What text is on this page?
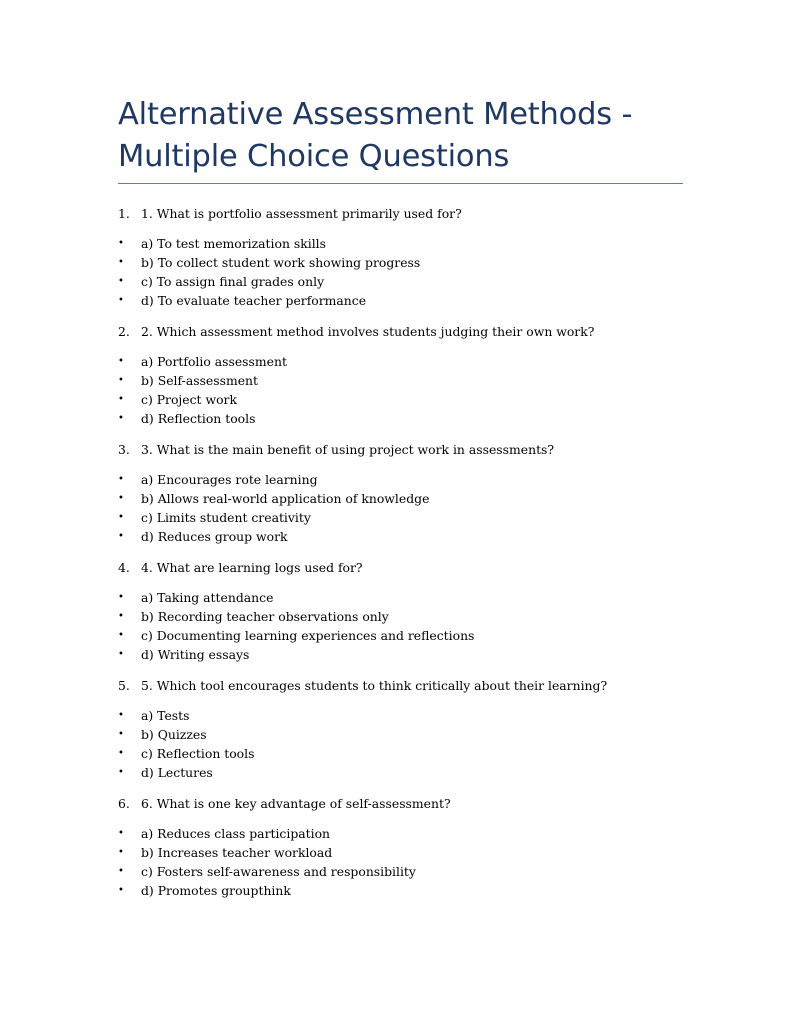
Alternative Assessment Methods - Multiple Choice Questions
1. 1. What is portfolio assessment primarily used for?
•	a) To test memorization skills
•	b) To collect student work showing progress
•	c) To assign final grades only
•	d) To evaluate teacher performance
2. 2. Which assessment method involves students judging their own work?
•	a) Portfolio assessment
•	b) Self-assessment
•	c) Project work
•	d) Reflection tools
3. 3. What is the main benefit of using project work in assessments?
•	a) Encourages rote learning
•	b) Allows real-world application of knowledge
•	c) Limits student creativity
•	d) Reduces group work
4. 4. What are learning logs used for?
•	a) Taking attendance
•	b) Recording teacher observations only
•	c) Documenting learning experiences and reflections
•	d) Writing essays
5. 5. Which tool encourages students to think critically about their learning?
•	a) Tests
•	b) Quizzes
•	c) Reflection tools
•	d) Lectures
6. 6. What is one key advantage of self-assessment?
•	a) Reduces class participation
•	b) Increases teacher workload
•	c) Fosters self-awareness and responsibility
•	d) Promotes groupthink
